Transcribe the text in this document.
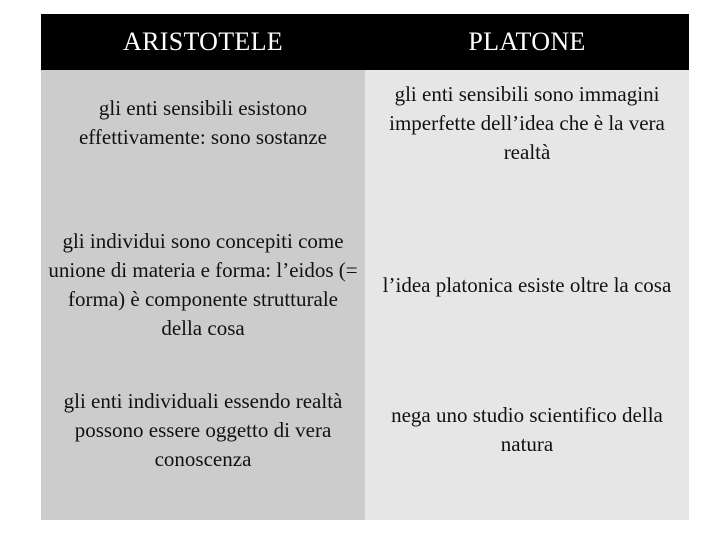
ARISTOTELE	PLATONE
gli enti sensibili esistono effettivamente: sono sostanze
gli individui sono concepiti come unione di materia e forma: l’eidos (= forma) è componente strutturale della cosa
gli enti individuali essendo realtà possono essere oggetto di vera conoscenza
gli enti sensibili sono immagini imperfette dell’idea che è la vera realtà
l’idea platonica esiste oltre la cosa
nega uno studio scientifico della natura
